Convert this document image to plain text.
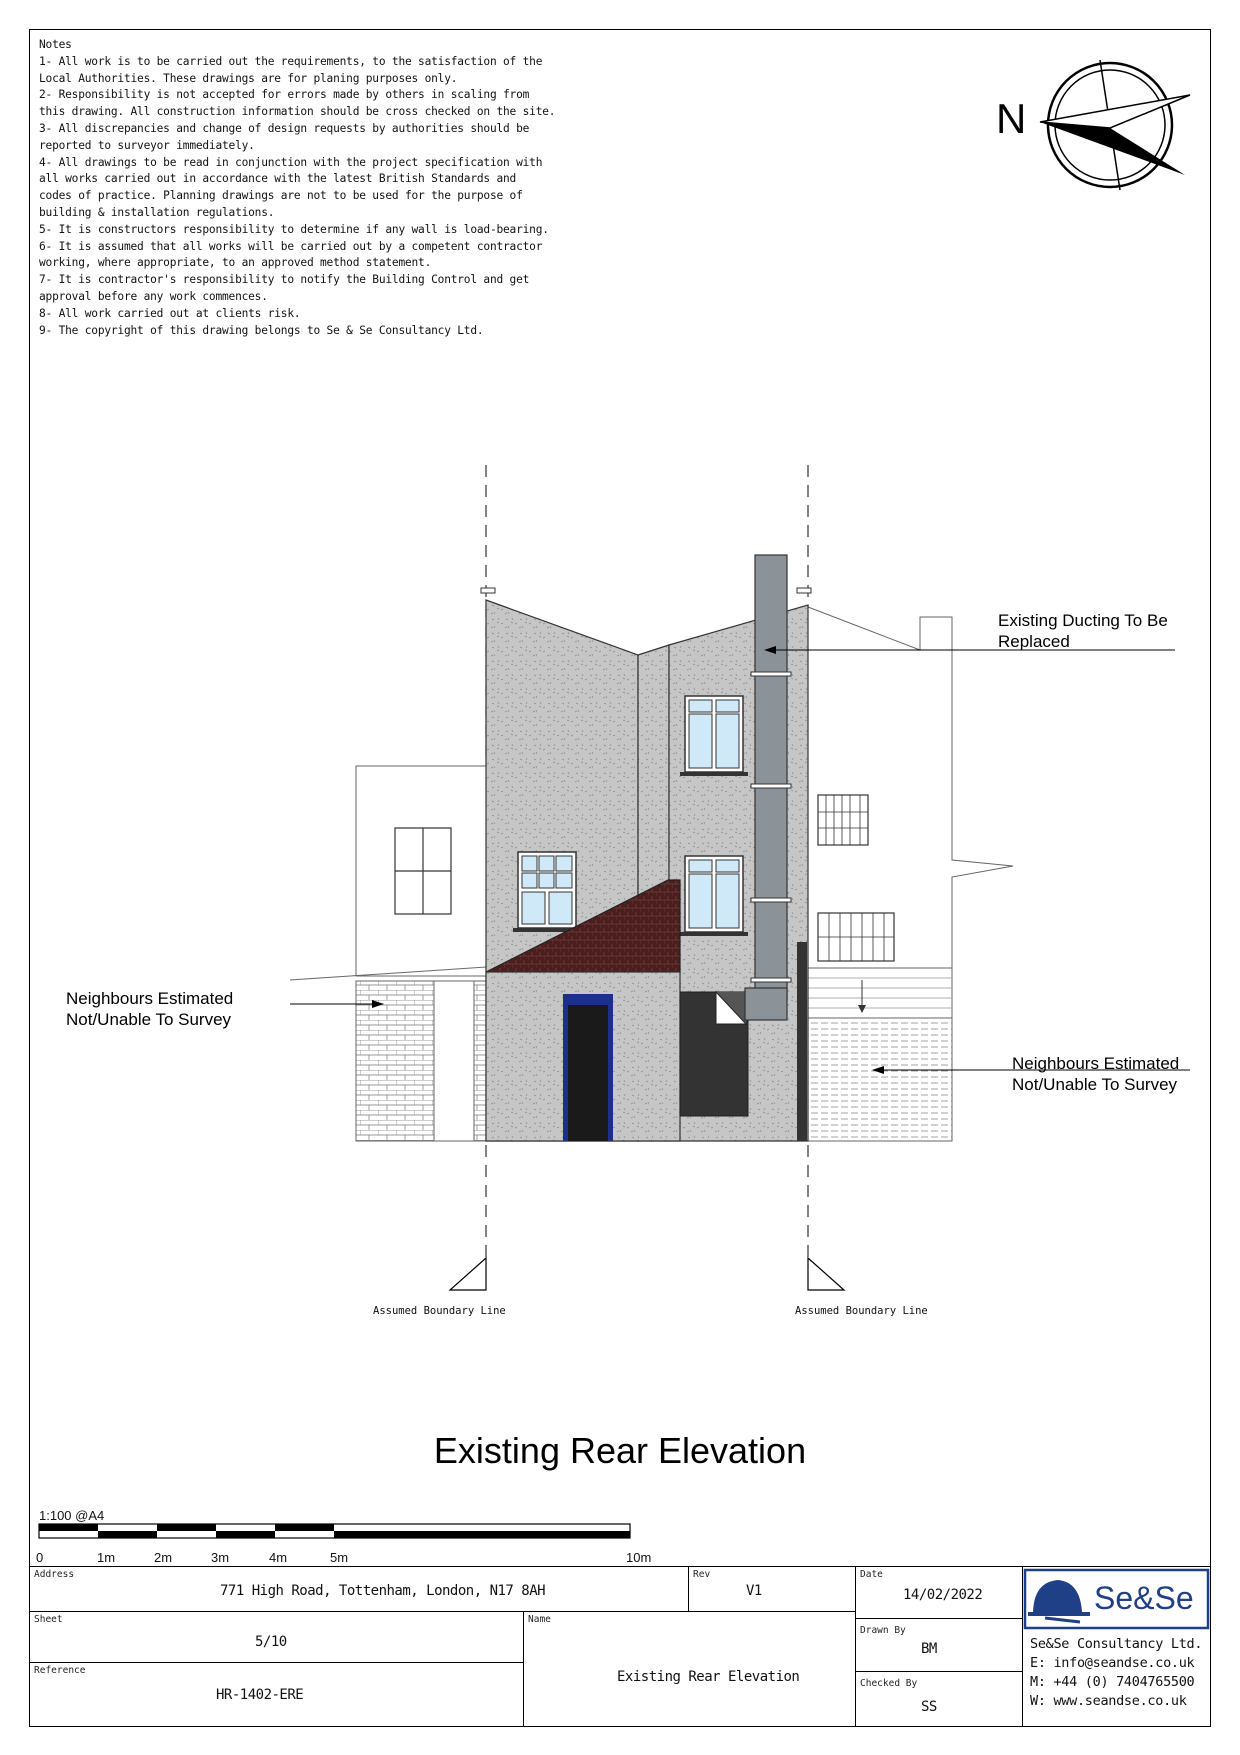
Notes
1- All work is to be carried out the requirements, to the satisfaction of the
Local Authorities. These drawings are for planing purposes only.
2- Responsibility is not accepted for errors made by others in scaling from
this drawing. All construction information should be cross checked on the site.
3- All discrepancies and change of design requests by authorities should be
reported to surveyor immediately.
4- All drawings to be read in conjunction with the project specification with
all works carried out in accordance with the latest British Standards and
codes of practice. Planning drawings are not to be used for the purpose of
building & installation regulations.
5- It is constructors responsibility to determine if any wall is load-bearing.
6- It is assumed that all works will be carried out by a competent contractor
working, where appropriate, to an approved method statement.
7- It is contractor's responsibility to notify the Building Control and get
approval before any work commences.
8- All work carried out at clients risk.
9- The copyright of this drawing belongs to Se & Se Consultancy Ltd.
N
Existing Ducting To Be
Replaced
Neighbours Estimated
Not/Unable To Survey
Neighbours Estimated
Not/Unable To Survey
Assumed Boundary Line	Assumed Boundary Line
Existing Rear Elevation
1:100 @A4
0	1m	2m	3m	4m	5m	10m
Address
771 High Road, Tottenham, London, N17 8AH
Rev
V1
Date
14/02/2022
Sheet
5/10
Name
Existing Rear Elevation
Reference
HR-1402-ERE
Drawn By
BM
Checked By
SS
Se&Se
Se&Se Consultancy Ltd.
E: info@seandse.co.uk
M: +44 (0) 7404765500
W: www.seandse.co.uk
